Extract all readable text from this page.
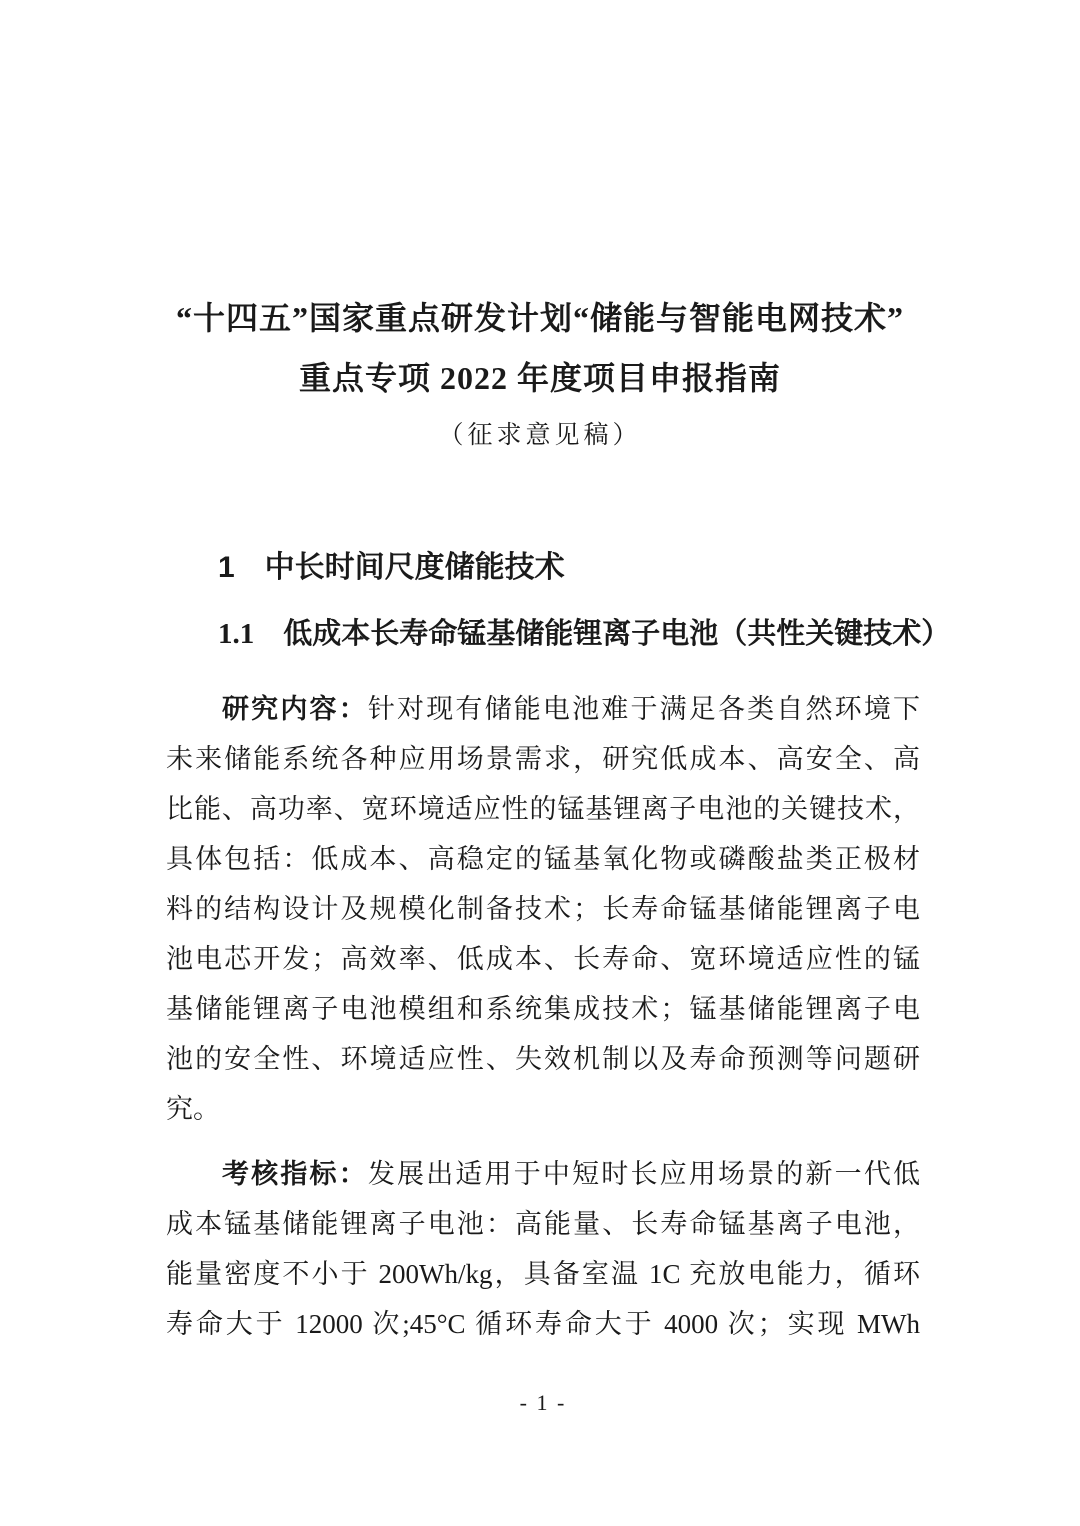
“十四五”国家重点研发计划“储能与智能电网技术”
重点专项 2022 年度项目申报指南
（征求意见稿）
1　中长时间尺度储能技术
1.1　低成本长寿命锰基储能锂离子电池（共性关键技术）
研究内容：针对现有储能电池难于满足各类自然环境下
未来储能系统各种应用场景需求，研究低成本、高安全、高
比能、高功率、宽环境适应性的锰基锂离子电池的关键技术，
具体包括：低成本、高稳定的锰基氧化物或磷酸盐类正极材
料的结构设计及规模化制备技术；长寿命锰基储能锂离子电
池电芯开发；高效率、低成本、长寿命、宽环境适应性的锰
基储能锂离子电池模组和系统集成技术；锰基储能锂离子电
池的安全性、环境适应性、失效机制以及寿命预测等问题研
究。
考核指标：发展出适用于中短时长应用场景的新一代低
成本锰基储能锂离子电池：高能量、长寿命锰基离子电池，
能量密度不小于 200Wh/kg，具备室温 1C 充放电能力，循环
寿命大于 12000 次;45°C 循环寿命大于 4000 次；实现 MWh
- 1 -
